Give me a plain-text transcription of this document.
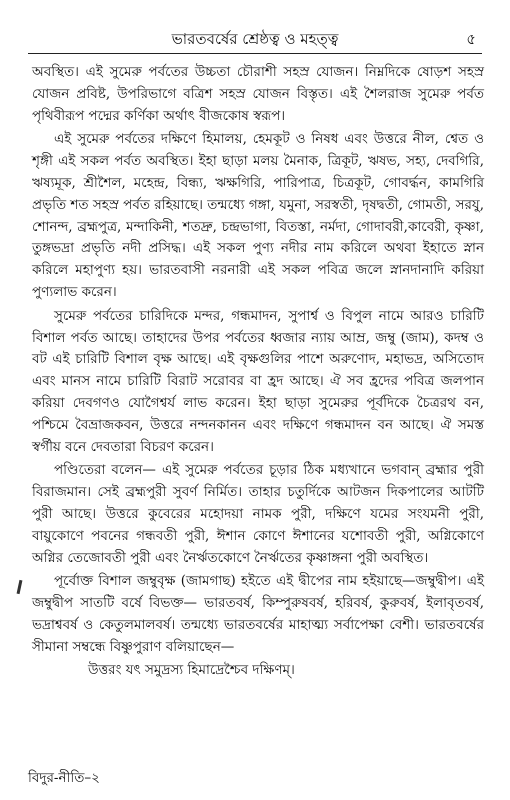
ভারতবর্ষের শ্রেষ্ঠত্ব ও মহত্ত্ব	৫

অবস্থিত। এই সুমেরু পর্বতের উচ্চতা চৌরাশী সহস্র যোজন। নিম্নদিকে ষোড়শ সহস্র যোজন প্রবিষ্ট, উপরিভাগে বত্রিশ সহস্র যোজন বিস্তৃত। এই শৈলরাজ সুমেরু পর্বত পৃথিবীরূপ পদ্মের কর্ণিকা অর্থাৎ বীজকোষ স্বরূপ।

এই সুমেরু পর্বতের দক্ষিণে হিমালয়, হেমকূট ও নিষধ এবং উত্তরে নীল, শ্বেত ও শৃঙ্গী এই সকল পর্বত অবস্থিত। ইহা ছাড়া মলয় মৈনাক, ত্রিকূট, ঋষভ, সহ্য, দেবগিরি, ঋষ্যমূক, শ্রীশৈল, মহেন্দ্র, বিন্ধ্য, ঋক্ষগিরি, পারিপাত্র, চিত্রকূট, গোবর্দ্ধন, কামগিরি প্রভৃতি শত সহস্র পর্বত রহিয়াছে। তন্মধ্যে গঙ্গা, যমুনা, সরস্বতী, দৃষদ্বতী, গোমতী, সরযু, শোনন্দ, ব্রহ্মপুত্র, মন্দাকিনী, শতদ্রু, চন্দ্রভাগা, বিতস্তা, নর্মদা, গোদাবরী,কাবেরী, কৃষ্ণা, তুঙ্গভদ্রা প্রভৃতি নদী প্রসিদ্ধ। এই সকল পুণ্য নদীর নাম করিলে অথবা ইহাতে স্নান করিলে মহাপুণ্য হয়। ভারতবাসী নরনারী এই সকল পবিত্র জলে স্নানদানাদি করিয়া পুণ্যলাভ করেন।

সুমেরু পর্বতের চারিদিকে মন্দর, গন্ধমাদন, সুপার্শ্ব ও বিপুল নামে আরও চারিটি বিশাল পর্বত আছে। তাহাদের উপর পর্বতের ধ্বজার ন্যায় আম্র, জম্বু (জাম), কদম্ব ও বট এই চারিটি বিশাল বৃক্ষ আছে। এই বৃক্ষগুলির পাশে অরুণোদ, মহাভদ্র, অসিতোদ এবং মানস নামে চারিটি বিরাট সরোবর বা হ্রদ আছে। ঐ সব হ্রদের পবিত্র জলপান করিয়া দেবগণও যোগৈশ্বর্য লাভ করেন। ইহা ছাড়া সুমেরুর পূর্বদিকে চৈত্ররথ বন, পশ্চিমে বৈভ্রাজকবন, উত্তরে নন্দনকানন এবং দক্ষিণে গন্ধমাদন বন আছে। ঐ সমস্ত স্বর্গীয় বনে দেবতারা বিচরণ করেন।

পণ্ডিতেরা বলেন— এই সুমেরু পর্বতের চূড়ার ঠিক মধ্যখানে ভগবান্ ব্রহ্মার পুরী বিরাজমান। সেই ব্রহ্মপুরী সুবর্ণ নির্মিত। তাহার চতুর্দিকে আটজন দিকপালের আটটি পুরী আছে। উত্তরে কুবেরের মহোদয়া নামক পুরী, দক্ষিণে যমের সংযমনী পুরী, বায়ুকোণে পবনের গন্ধবতী পুরী, ঈশান কোণে ঈশানের যশোবতী পুরী, অগ্নিকোণে অগ্নির তেজোবতী পুরী এবং নৈর্ঋতকোণে নৈর্ঋতের কৃষ্ণাঙ্গনা পুরী অবস্থিত।

পূর্বোক্ত বিশাল জম্বুবৃক্ষ (জামগাছ) হইতে এই দ্বীপের নাম হইয়াছে—জম্বুদ্বীপ। এই জম্বুদ্বীপ সাতটি বর্ষে বিভক্ত— ভারতবর্ষ, কিম্পুরুষবর্ষ, হরিবর্ষ, কুরুবর্ষ, ইলাবৃতবর্ষ, ভদ্রাশ্ববর্ষ ও কেতুলমালবর্ষ। তন্মধ্যে ভারতবর্ষের মাহাত্ম্য সর্বাপেক্ষা বেশী। ভারতবর্ষের সীমানা সম্বন্ধে বিষ্ণুপুরাণ বলিয়াছেন—

উত্তরং যৎ সমুদ্রস্য হিমাদ্রেশ্চৈব দক্ষিণম্।

বিদুর-নীতি–২
